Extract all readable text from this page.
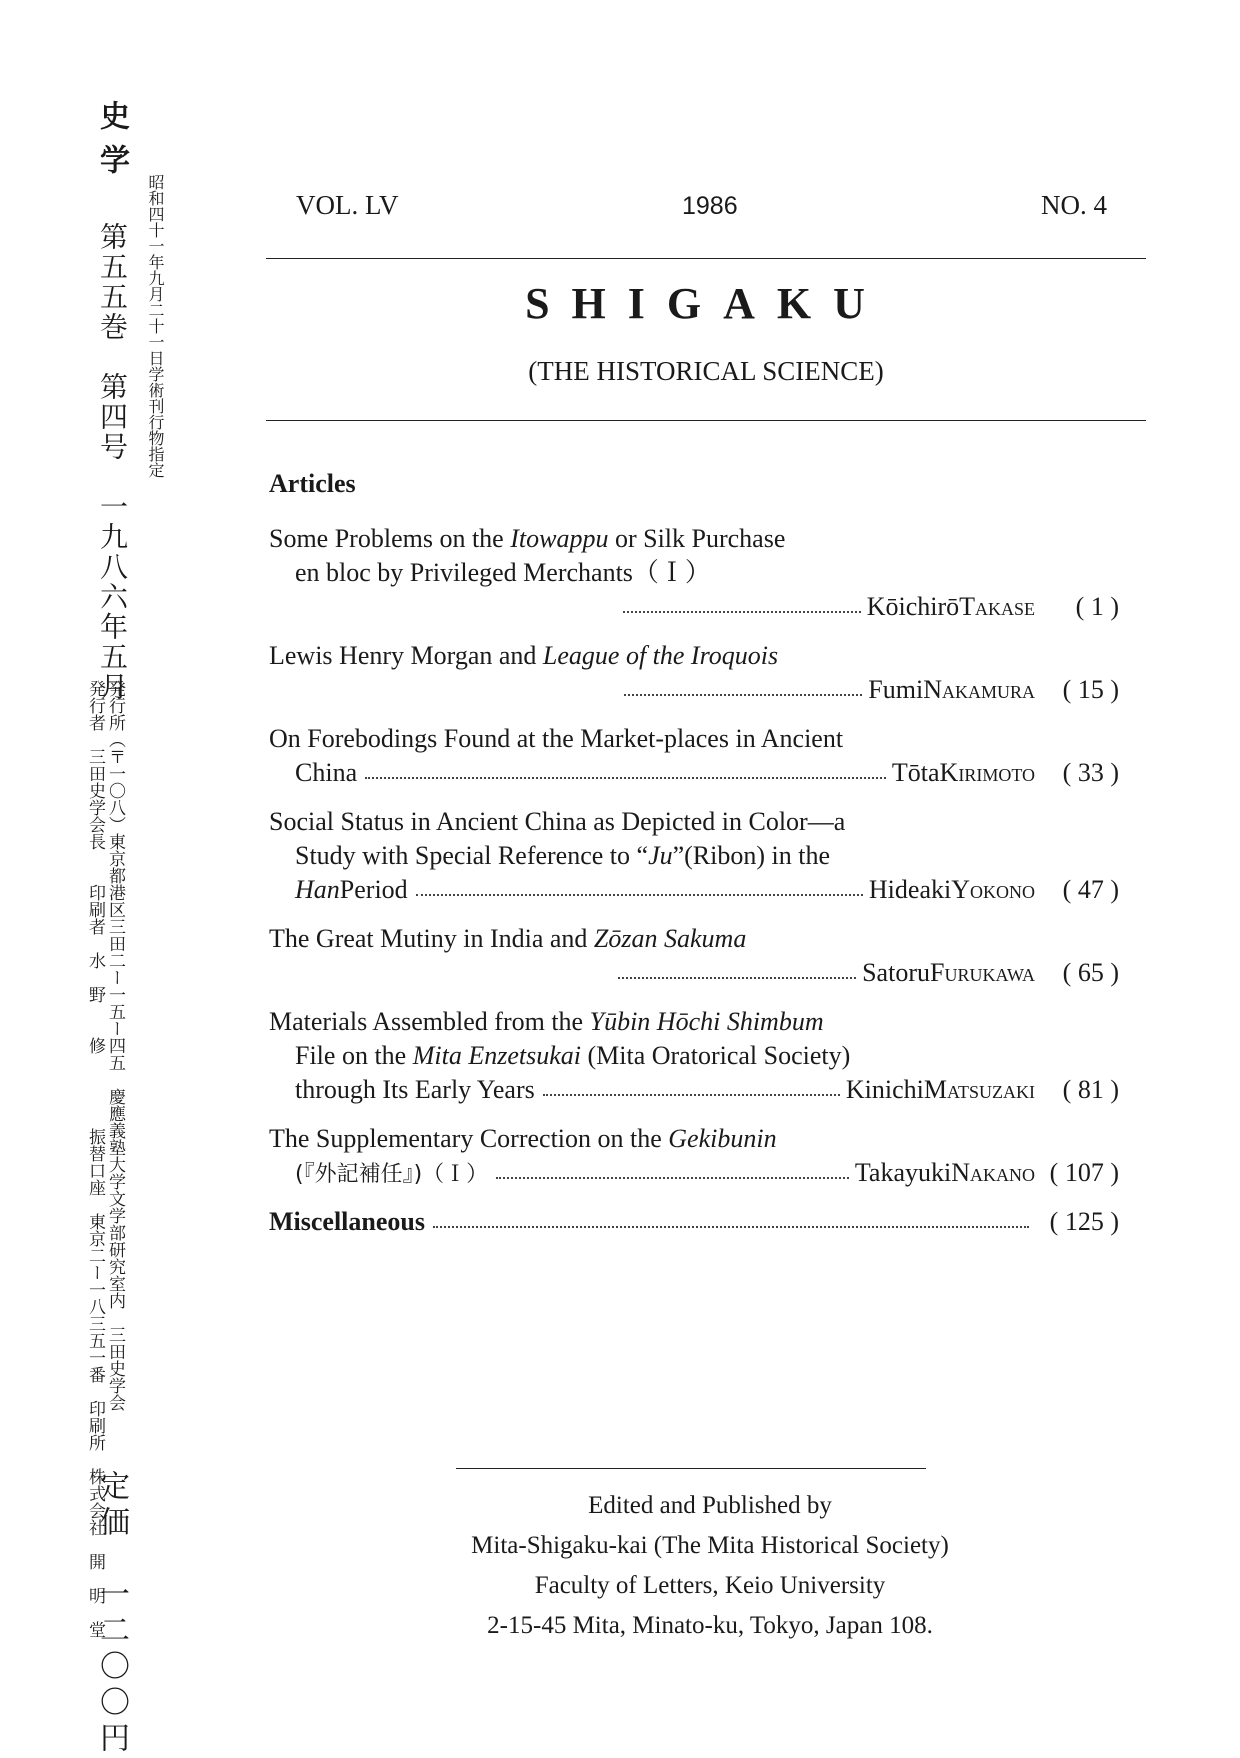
史学
第五五巻　第四号　一九八六年五月 昭和四十一年九月二十一日学術刊行物指定
発行所（〒一〇八）東京都港区三田二ー一五ー四五　慶應義塾大学文学部研究室内　三田史学会
発行者　三田史学会長　　印刷者　水　野　　修
振替口座　東京二ー一八三五一番　印刷所　株式会社　開　明　堂
定価　一二〇〇円
VOL. LV	1986	NO. 4
SHIGAKU
(THE HISTORICAL SCIENCE)
Articles
Some Problems on the Itowappu or Silk Purchase
en bloc by Privileged Merchants（Ｉ）
Kōichirō Takase	( 1 )
Lewis Henry Morgan and League of the Iroquois
Fumi Nakamura	( 15 )
On Forebodings Found at the Market-places in Ancient
China	Tōta Kirimoto	( 33 )
Social Status in Ancient China as Depicted in Color—a
Study with Special Reference to “Ju”(Ribon) in the
Han Period	Hideaki Yokono	( 47 )
The Great Mutiny in India and Zōzan Sakuma
Satoru Furukawa	( 65 )
Materials Assembled from the Yūbin Hōchi Shimbum
File on the Mita Enzetsukai (Mita Oratorical Society)
through Its Early Years	Kinichi Matsuzaki	( 81 )
The Supplementary Correction on the Gekibunin
(『外記補任』)（Ｉ）	Takayuki Nakano ( 107 )
Miscellaneous	( 125 )
Edited and Published by
Mita-Shigaku-kai (The Mita Historical Society)
Faculty of Letters, Keio University
2-15-45 Mita, Minato-ku, Tokyo, Japan 108.
